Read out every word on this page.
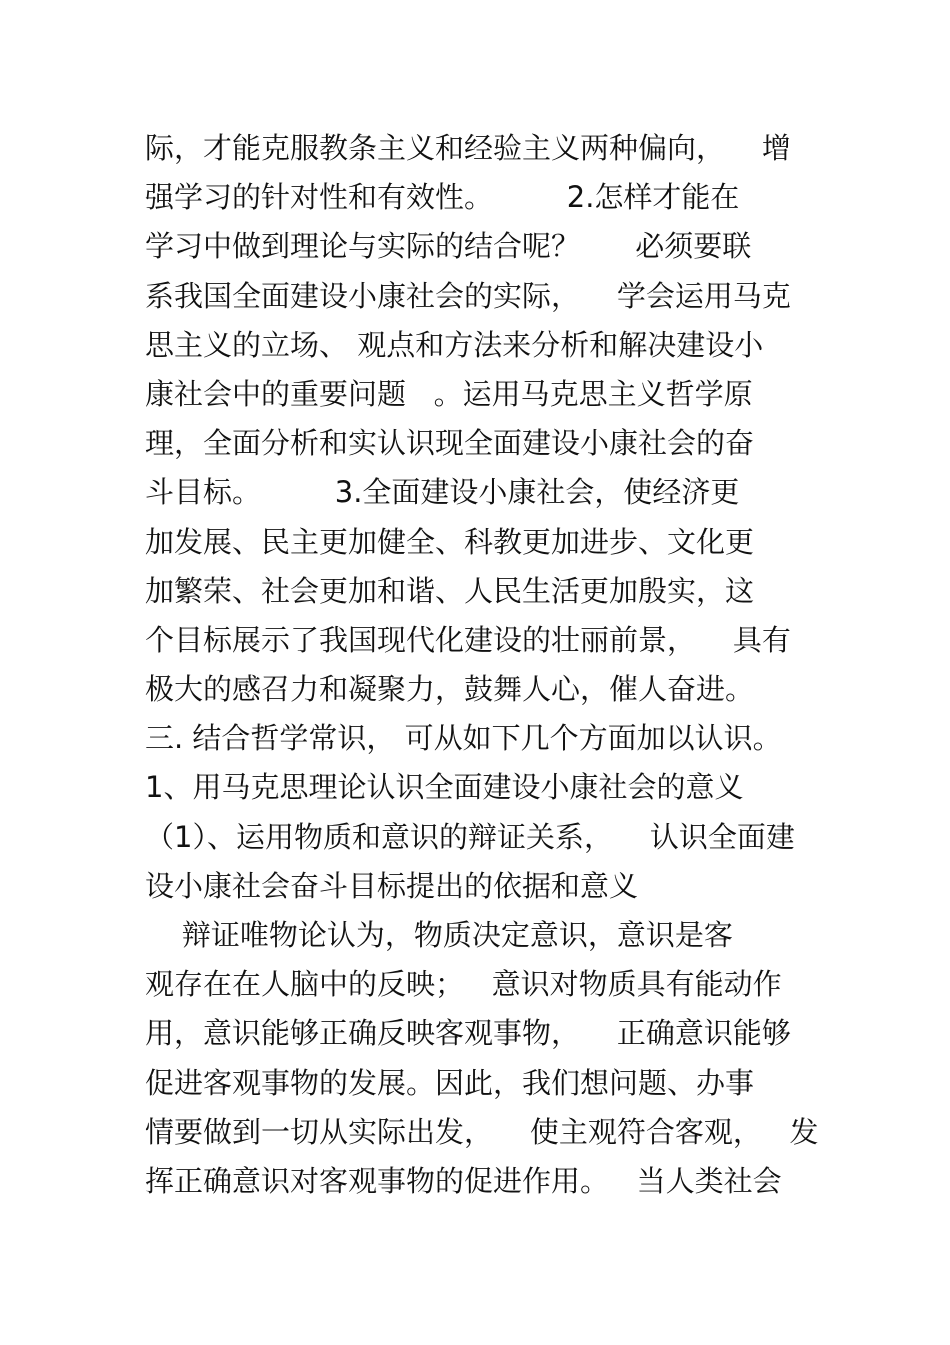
际，才能克服教条主义和经验主义两种偏向，    增
强学习的针对性和有效性。        2.怎样才能在
学习中做到理论与实际的结合呢？      必须要联
系我国全面建设小康社会的实际，    学会运用马克
思主义的立场、 观点和方法来分析和解决建设小
康社会中的重要问题   。运用马克思主义哲学原
理，全面分析和实认识现全面建设小康社会的奋
斗目标。        3.全面建设小康社会，使经济更
加发展、民主更加健全、科教更加进步、文化更
加繁荣、社会更加和谐、人民生活更加殷实，这
个目标展示了我国现代化建设的壮丽前景，    具有
极大的感召力和凝聚力，鼓舞人心，催人奋进。
三. 结合哲学常识， 可从如下几个方面加以认识。
1、用马克思理论认识全面建设小康社会的意义
（1）、运用物质和意识的辩证关系，    认识全面建
设小康社会奋斗目标提出的依据和意义
辩证唯物论认为，物质决定意识，意识是客
观存在在人脑中的反映；   意识对物质具有能动作
用，意识能够正确反映客观事物，    正确意识能够
促进客观事物的发展。因此，我们想问题、办事
情要做到一切从实际出发，    使主观符合客观，   发
挥正确意识对客观事物的促进作用。   当人类社会
